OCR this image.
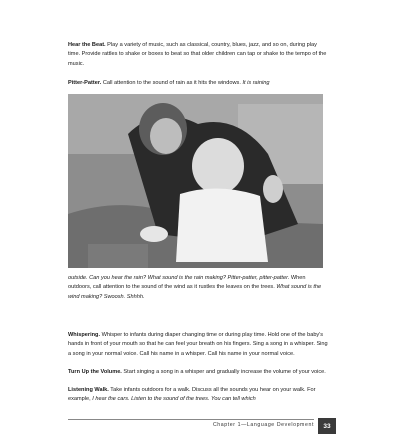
Hear the Beat. Play a variety of music, such as classical, country, blues, jazz, and so on, during play time. Provide rattles to shake or boxes to beat so that older children can tap or shake to the tempo of the music.

Pitter-Patter. Call attention to the sound of rain as it hits the windows. It is raining

outside. Can you hear the rain? What sound is the rain making? Pitter-patter, pitter-patter. When outdoors, call attention to the sound of the wind as it rustles the leaves on the trees. What sound is the wind making? Swoosh. Shhhh.

Whispering. Whisper to infants during diaper changing time or during play time. Hold one of the baby's hands in front of your mouth so that he can feel your breath on his fingers. Sing a song in a whisper. Sing a song in your normal voice. Call his name in a whisper. Call his name in your normal voice.

Turn Up the Volume. Start singing a song in a whisper and gradually increase the volume of your voice.

Listening Walk. Take infants outdoors for a walk. Discuss all the sounds you hear on your walk. For example, I hear the cars. Listen to the sound of the trees. You can tell which

Chapter 1—Language Development	33
